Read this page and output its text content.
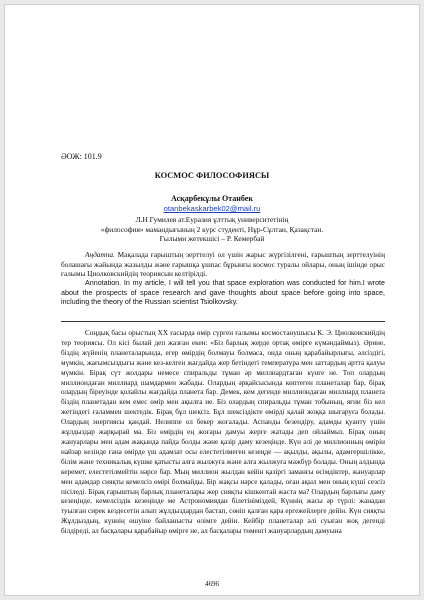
ӘОЖ: 101.9
КОСМОС ФИЛОСОФИЯСЫ
Асқарбекұлы Отанбек
otanbekaskarbek02@mail.ru
Л.Н Гумилев ат.Еуразия ұлттық университетінің
«философия» мамандығының 2 курс студенті, Нұр-Сұлтан, Қазақстан.
Ғылыми жетекшісі – Р. Кемербай
Аңдатпа. Мақалада ғарыштың зерттелуі ол үшін жарыс жүргізілгені, ғарыштың зерттелуінің болашағы жайында жазылды және ғарышқа ұшпас бұрынғы космос туралы ойлары, оның ішінде орыс ғалымы Циолковскийдің теориясын келтірілді.
Annotation. In my article, I will tell you that space exploration was conducted for him.I wrote about the prospects of space research and gave thoughts about space before going into space, including the theory of the Russian scientist Tsiolkovsky.
Соңдық басы орыстың XX ғасырда өмір сүрген ғалымы космостанушысы К. Э. Циолковскийдің тер теориясы. Ол кісі былай деп жазған екен: «Біз барлық жерде ортақ өмірге күмәндаймыз). Әрине, біздің жүйенің планеталарында, егер өмірдің болмауы болмаса, онда оның қарабайырлығы, әлсіздігі, мүмкін, жағымсыздығы және кез-келген жағдайда жер бетіндегі температура мен заттардың артта қалуы мүмкін. Бірақ сүт жолдары немесе спиральды тұман әр миллиардтаған күнге не. Топ олардың миллиондаған миллиард шамдармен жабады. Олардың әрқайсысында көптеген планеталар бар, бірақ олардың біреуінде қолайлы жағдайда планета бар. Демек, кем дегенде миллиондаған миллиард планета біздің планетадан кем емес өмір мен ақылға ие. Біз олардың спиральды тұман тобының, яғни біз кел жетіндегі ғаламмен шектедік. Бірақ бұл шексіз. Бұл шексіздікте өмірді қалай жоққа шығаруға болады. Олардың энергиясы қандай. Нелиппе ол бекер жоғалады. Аспанды безендіру, адамды қуанту үшін жұлдыздар жарқырай ма. Біз өмірдің ең жоғары дамуы жерге жатады деп ойлаймыз. Бірақ оның жануарлары мен адам жақында пайда болды және қазір даму кезеңінде. Күн әлі де миллионның өмірін найзар кезінде ғана өмірде үш адамзат осы елестетілмеген кезеңде — ақылды, ақылы, адамгершілікке, білім және техникалық күшке қатысты алға жылжуға және алға жылжуға мәжбүр болады. Оның алдында керемет, елестетілмейтін нәрсе бар. Мың миллион жылдан кейін қазіргі заманғы өсімдіктер, жануарлар мен адамдар сияқты кемелсіз өмірі болмайды. Бір жақсы нәрсе қалады, оған ақыл мен оның күші сезсіз пісіледі. Бірақ ғарыштың барлық планеталары жер сияқты кішкентай жаста ма? Олардың барлығы даму кезеңінде, кемелсіздік кезеңінде ме Астрономиядан білетініміздей, Күннің жасы әр түрлі: жанадан туылған сирек кездесетін алып жұлдыздардан бастап, сөніп қалған қара ергежейлерге дейін. Күн сияқты Жұлдыздың, күннің өшуіне байланысты өлімге дейін. Кейбір планеталар әлі суыған жоқ дегенді білдіреді, ал басқалары қарабайыр өмірге не, ал басқалары төменгі жануарлардың дамуына
4696
